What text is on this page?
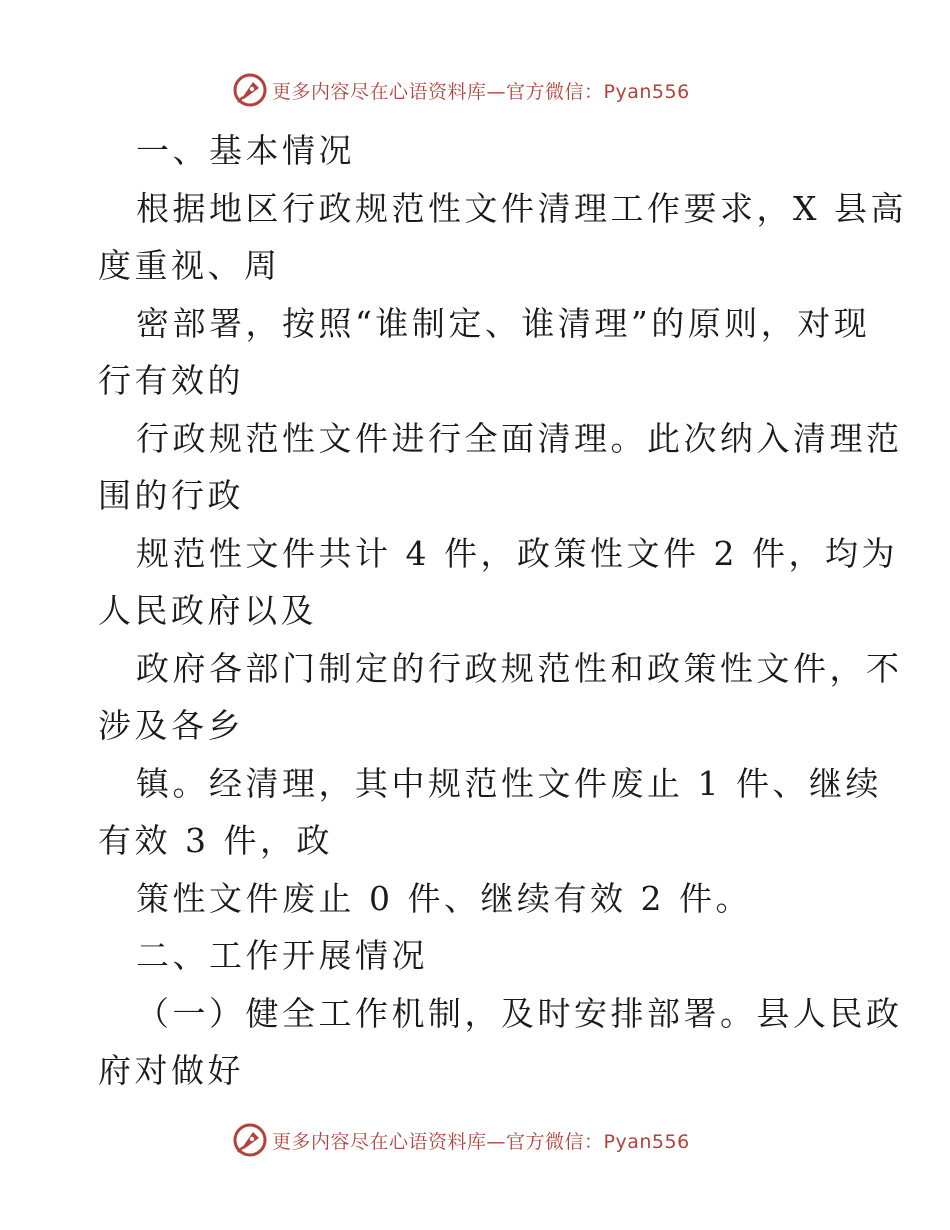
更多内容尽在心语资料库—官方微信：Pyan556

一、基本情况

根据地区行政规范性文件清理工作要求，X 县高

度重视、周

密部署，按照“谁制定、谁清理”的原则，对现

行有效的

行政规范性文件进行全面清理。此次纳入清理范

围的行政

规范性文件共计 4 件，政策性文件 2 件，均为

人民政府以及

政府各部门制定的行政规范性和政策性文件，不

涉及各乡

镇。经清理，其中规范性文件废止 1 件、继续

有效 3 件，政

策性文件废止 0 件、继续有效 2 件。

二、工作开展情况

（一）健全工作机制，及时安排部署。县人民政

府对做好

更多内容尽在心语资料库—官方微信：Pyan556
